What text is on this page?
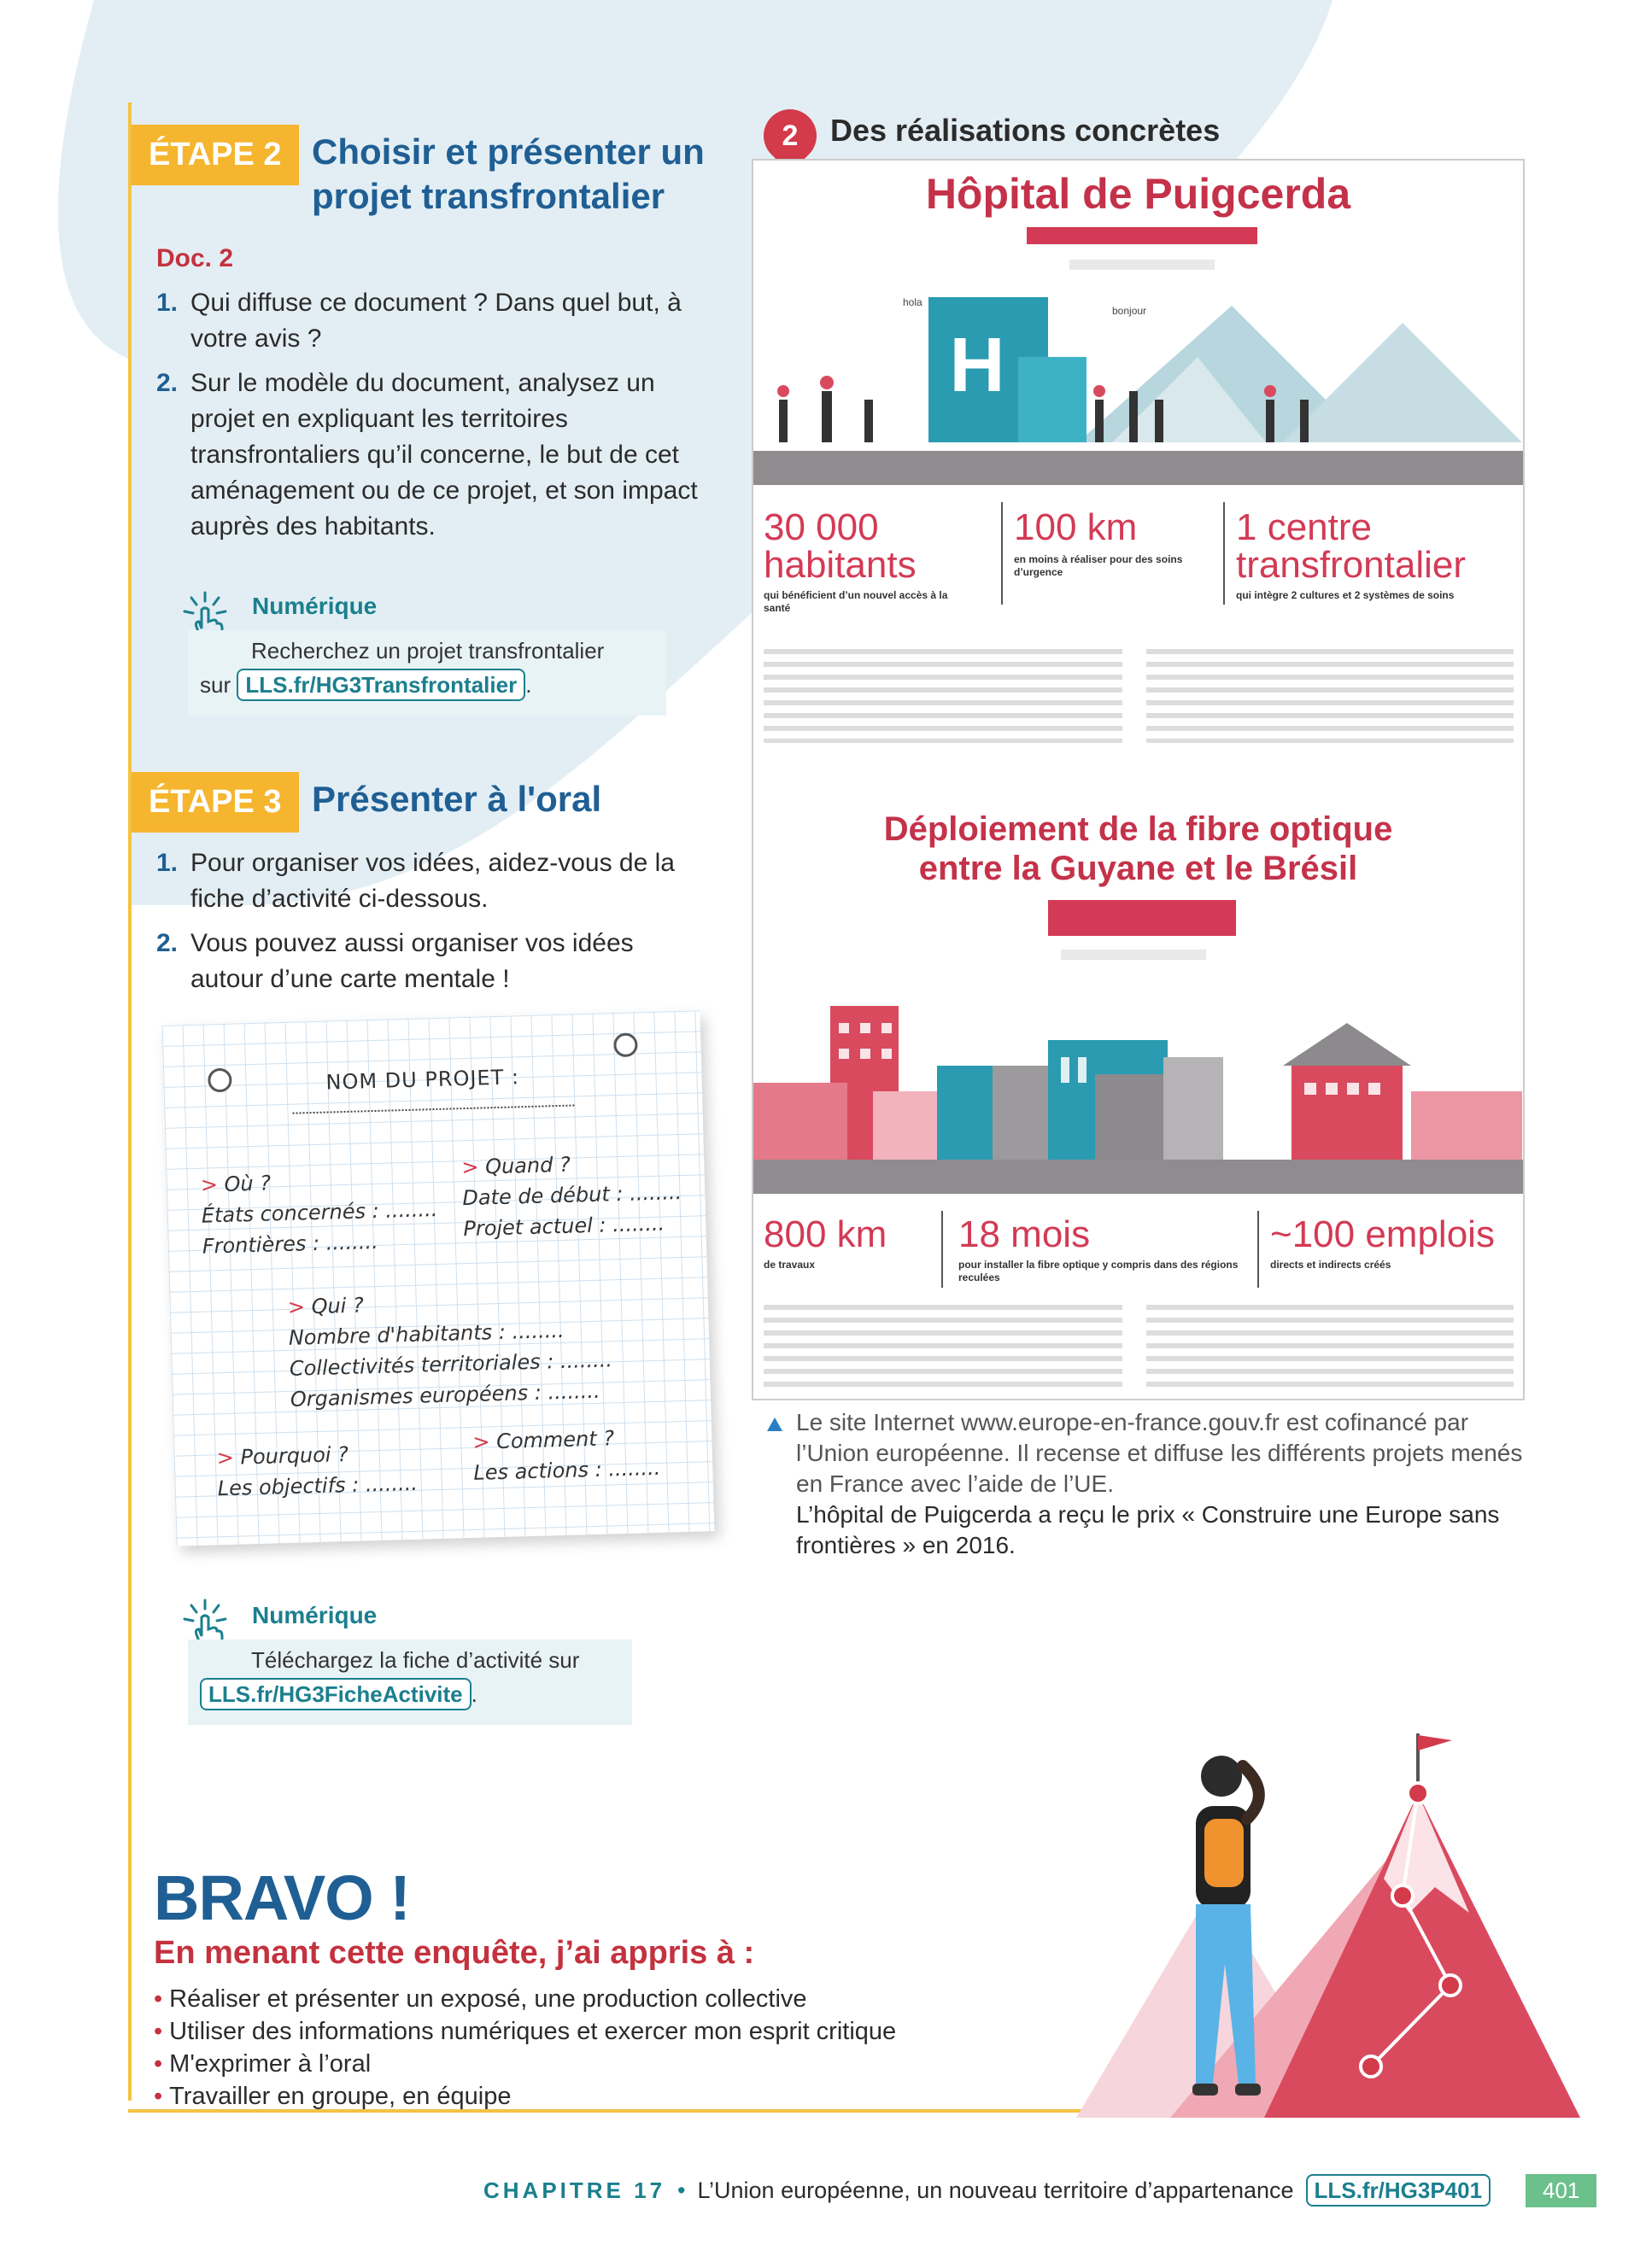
ÉTAPE 2 Choisir et présenter un
projet transfrontalier
Doc. 2
1. Qui diffuse ce document ? Dans quel but, à votre avis ?
2. Sur le modèle du document, analysez un projet en expliquant les territoires transfrontaliers qu’il concerne, le but de cet aménagement ou de ce projet, et son impact auprès des habitants.
Numérique
Recherchez un projet transfrontalier
sur LLS.fr/HG3Transfrontalier .
ÉTAPE 3 Présenter à l'oral
1. Pour organiser vos idées, aidez-vous de la fiche d’activité ci-dessous.
2. Vous pouvez aussi organiser vos idées autour d’une carte mentale !
NOM DU PROJET :
> Où ?
États concernés : ........
Frontières : ........
> Quand ?
Date de début : ........
Projet actuel : ........
> Qui ?
Nombre d'habitants : ........
Collectivités territoriales : ........
Organismes européens : ........
> Pourquoi ?
Les objectifs : ........
> Comment ?
Les actions : ........
Numérique
Téléchargez la fiche d’activité sur
LLS.fr/HG3FicheActivite .
BRAVO !
En menant cette enquête, j’ai appris à :
• Réaliser et présenter un exposé, une production collective
• Utiliser des informations numériques et exercer mon esprit critique
• M'exprimer à l’oral
• Travailler en groupe, en équipe
2	Des réalisations concrètes
Hôpital de Puigcerda
H
hola
bonjour
30 000 habitants
qui bénéficient d’un nouvel accès à la santé
100 km
en moins à réaliser pour des soins d’urgence
1 centre transfrontalier
qui intègre 2 cultures et 2 systèmes de soins
Déploiement de la fibre optique
entre la Guyane et le Brésil
800 km
de travaux
18 mois
pour installer la fibre optique y compris dans des régions reculées
~100 emplois
directs et indirects créés
Le site Internet www.europe-en-france.gouv.fr est cofinancé par l’Union européenne. Il recense et diffuse les différents projets menés en France avec l’aide de l’UE.
L’hôpital de Puigcerda a reçu le prix « Construire une Europe sans frontières » en 2016.
CHAPITRE 17 • L’Union européenne, un nouveau territoire d’appartenance LLS.fr/HG3P401	401
